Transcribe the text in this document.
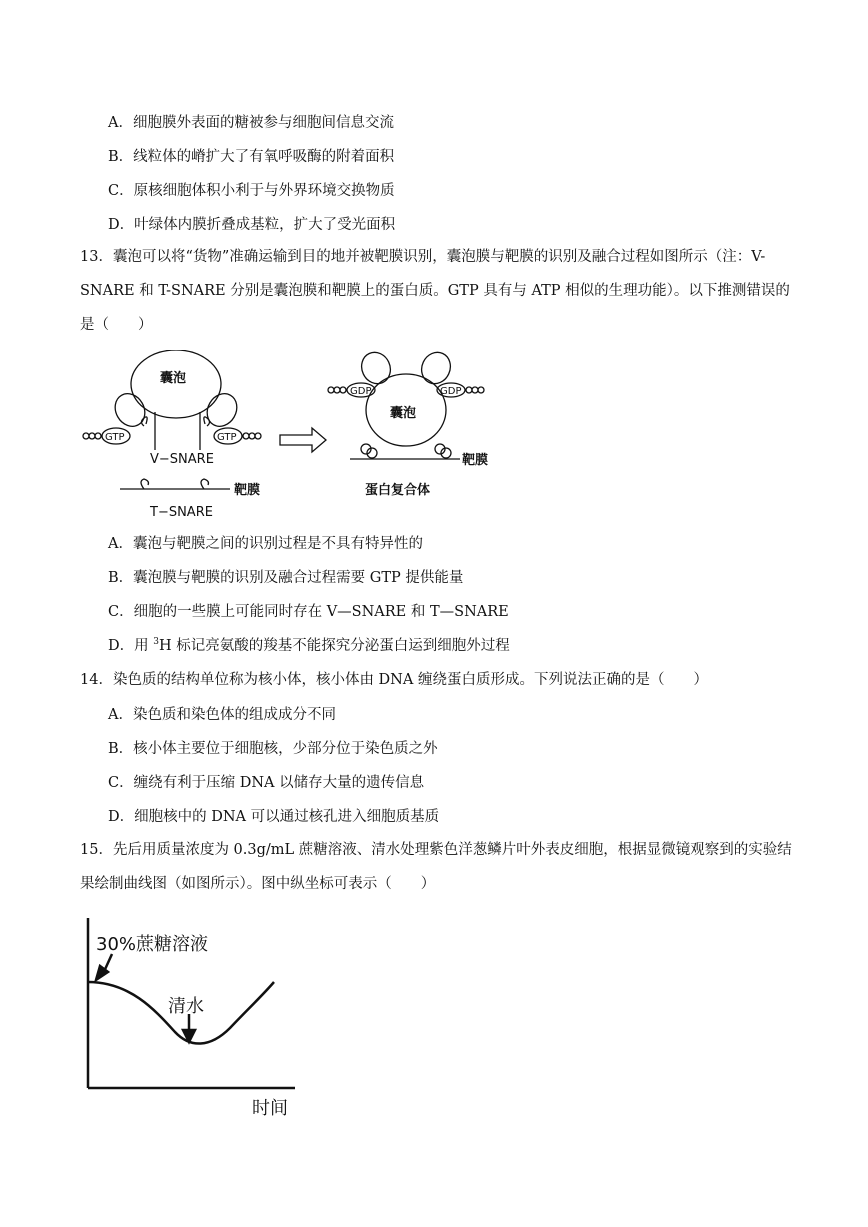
A．细胞膜外表面的糖被参与细胞间信息交流
B．线粒体的嵴扩大了有氧呼吸酶的附着面积
C．原核细胞体积小利于与外界环境交换物质
D．叶绿体内膜折叠成基粒，扩大了受光面积
13．囊泡可以将“货物”准确运输到目的地并被靶膜识别，囊泡膜与靶膜的识别及融合过程如图所示（注：V-SNARE 和 T-SNARE 分别是囊泡膜和靶膜上的蛋白质。GTP 具有与 ATP 相似的生理功能）。以下推测错误的是（　　）
囊泡
囊泡
GTP	GTP
GDP	GDP
V−SNARE
T−SNARE
靶膜
靶膜
蛋白复合体
A．囊泡与靶膜之间的识别过程是不具有特异性的
B．囊泡膜与靶膜的识别及融合过程需要 GTP 提供能量
C．细胞的一些膜上可能同时存在 V—SNARE 和 T—SNARE
D．用 $^3$H 标记亮氨酸的羧基不能探究分泌蛋白运到细胞外过程
14．染色质的结构单位称为核小体，核小体由 DNA 缠绕蛋白质形成。下列说法正确的是（　　）
A．染色质和染色体的组成成分不同
B．核小体主要位于细胞核，少部分位于染色质之外
C．缠绕有利于压缩 DNA 以储存大量的遗传信息
D．细胞核中的 DNA 可以通过核孔进入细胞质基质
15．先后用质量浓度为 0.3g/mL 蔗糖溶液、清水处理紫色洋葱鳞片叶外表皮细胞，根据显微镜观察到的实验结果绘制曲线图（如图所示）。图中纵坐标可表示（　　）
30%蔗糖溶液
清水
时间
